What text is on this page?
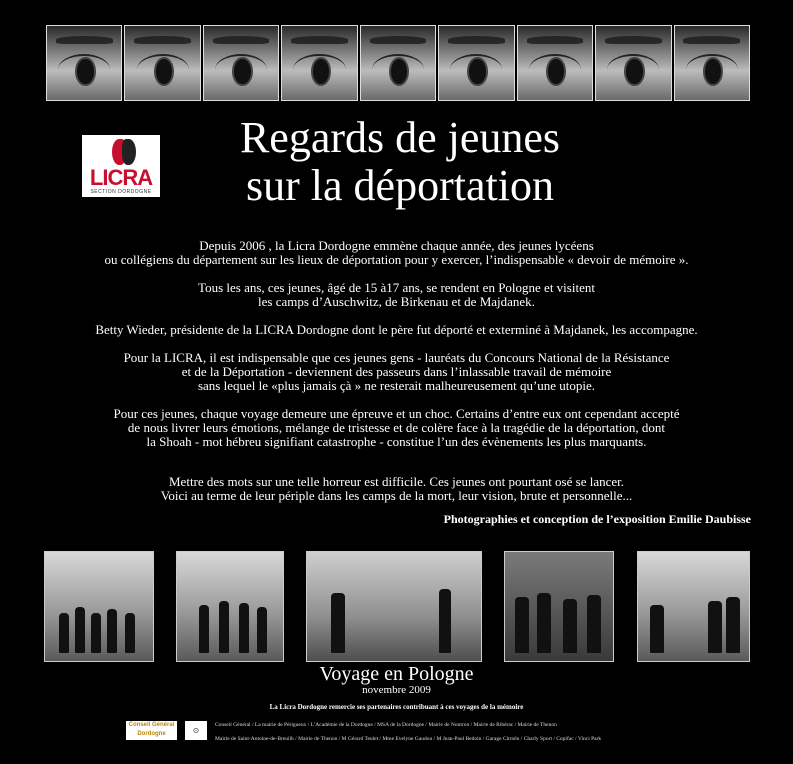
LICRA
SECTION DORDOGNE
Regards de jeunes
sur la déportation

Depuis 2006 , la Licra Dordogne emmène chaque année, des jeunes lycéens
ou collégiens du département sur les lieux de déportation pour y exercer, l’indispensable « devoir de mémoire ».

Tous les ans, ces jeunes, âgé de 15 à17 ans, se rendent en Pologne et visitent
les camps d’Auschwitz, de Birkenau et de Majdanek.

Betty Wieder, présidente de la LICRA Dordogne dont le père fut déporté et exterminé à Majdanek, les accompagne.

Pour la LICRA, il est indispensable que ces jeunes gens - lauréats du Concours National de la Résistance
et de la Déportation - deviennent des passeurs dans l’inlassable travail de mémoire
sans lequel le «plus jamais çà » ne resterait malheureusement qu’une utopie.

Pour ces jeunes, chaque voyage demeure une épreuve et un choc. Certains d’entre eux ont cependant accepté
de nous livrer leurs émotions, mélange de tristesse et de colère face à la tragédie de la déportation, dont
la Shoah - mot hébreu signifiant catastrophe - constitue l’un des évènements les plus marquants.

Mettre des mots sur une telle horreur est difficile. Ces jeunes ont pourtant osé se lancer.
Voici au terme de leur périple dans les camps de la mort, leur vision, brute et personnelle...

Photographies et conception de l’exposition Emilie Daubisse
Voyage en Pologne
novembre 2009
La Licra Dordogne remercie ses partenaires contribuant à ces voyages de la mémoire
Conseil Général Dordogne	⊙
Conseil Général / La mairie de Périgueux / L’Académie de la Dordogne / MSA de la Dordogne / Mairie de Nontron / Mairie de Ribérac / Mairie de Thenon
Mairie de Saint-Antoine-de-Breuilh / Mairie de Thenon / M Gérard Teulet / Mme Evelyne Gaudou / M Jean-Paul Bedoin / Garage Citroën / Charly Sport / Copifac / Vinci Park
